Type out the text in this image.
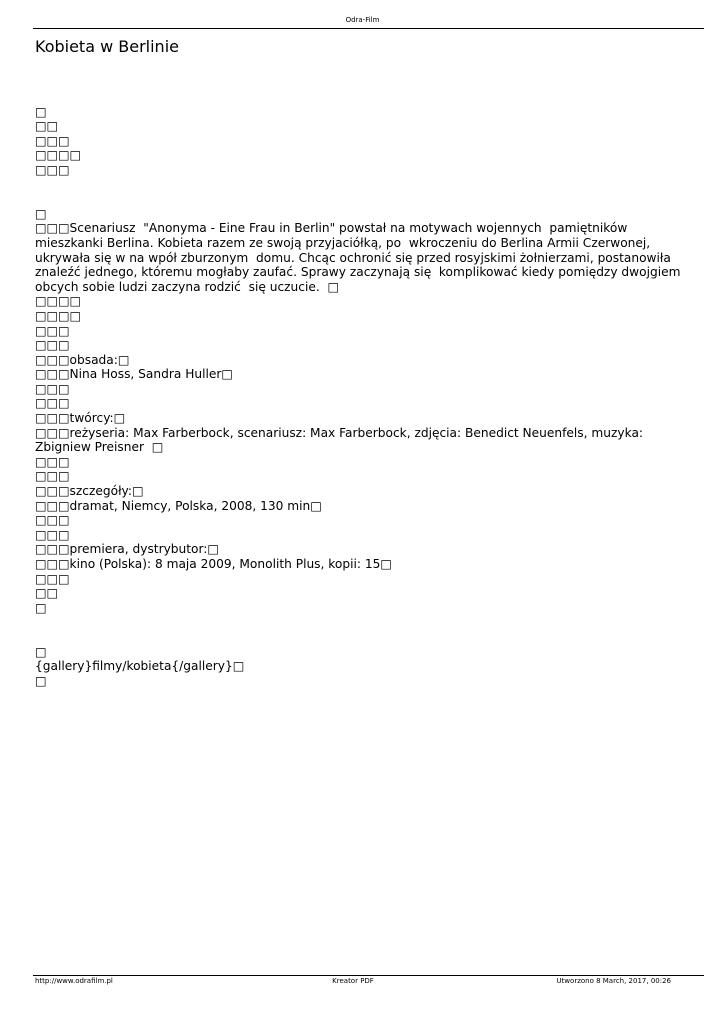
Odra-Film
Kobieta w Berlinie
□
□□
□□□
□□□□
□□□
□
□□□Scenariusz  "Anonyma - Eine Frau in Berlin" powstał na motywach wojennych  pamiętników mieszkanki Berlina. Kobieta razem ze swoją przyjaciółką, po  wkroczeniu do Berlina Armii Czerwonej, ukrywała się w na wpół zburzonym  domu. Chcąc ochronić się przed rosyjskimi żołnierzami, postanowiła znaleźć jednego, któremu mogłaby zaufać. Sprawy zaczynają się  komplikować kiedy pomiędzy dwojgiem obcych sobie ludzi zaczyna rodzić  się uczucie.  □
□□□□
□□□□
□□□
□□□
□□□obsada:□
□□□Nina Hoss, Sandra Huller□
□□□
□□□
□□□twórcy:□
□□□reżyseria: Max Farberbock, scenariusz: Max Farberbock, zdjęcia: Benedict Neuenfels, muzyka: Zbigniew Preisner  □
□□□
□□□
□□□szczegóły:□
□□□dramat, Niemcy, Polska, 2008, 130 min□
□□□
□□□
□□□premiera, dystrybutor:□
□□□kino (Polska): 8 maja 2009, Monolith Plus, kopii: 15□
□□□
□□
□
□
{gallery}filmy/kobieta{/gallery}□
□
http://www.odrafilm.pl	Kreator PDF	Utworzono 8 March, 2017, 00:26
